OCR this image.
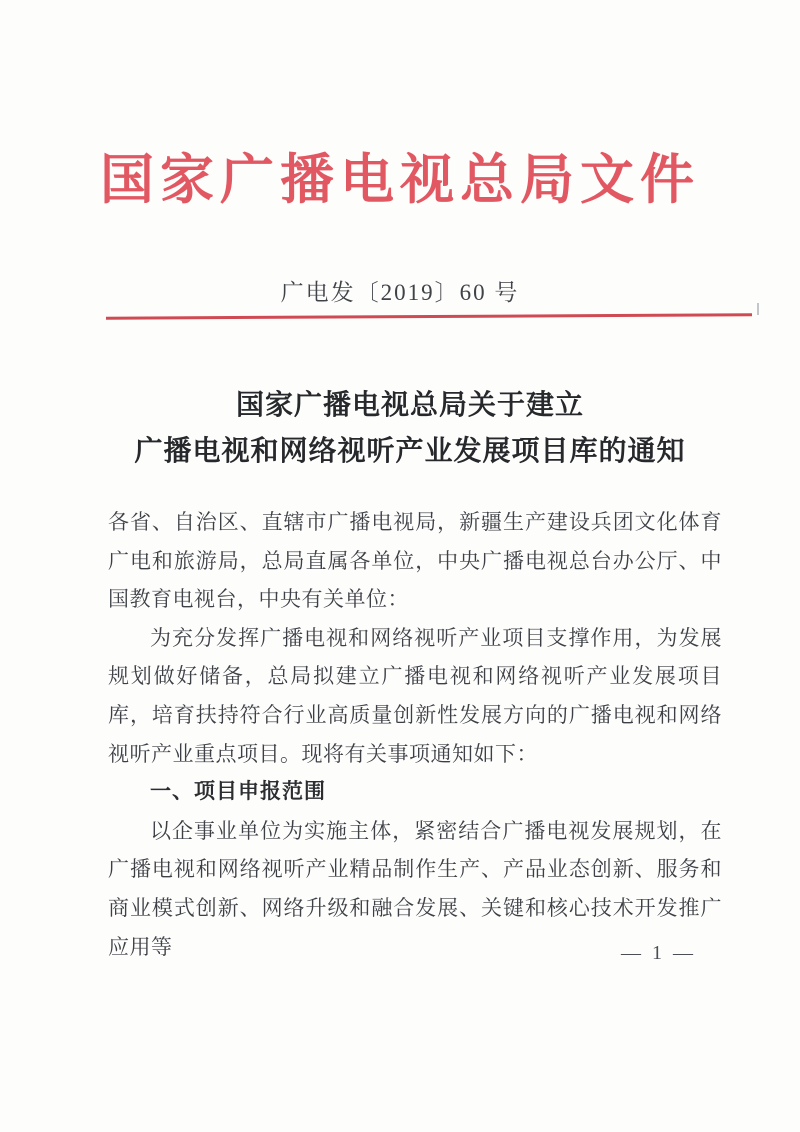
国家广播电视总局文件
广电发〔2019〕60 号
国家广播电视总局关于建立
广播电视和网络视听产业发展项目库的通知

各省、自治区、直辖市广播电视局，新疆生产建设兵团文化体育广电和旅游局，总局直属各单位，中央广播电视总台办公厅、中国教育电视台，中央有关单位：

为充分发挥广播电视和网络视听产业项目支撑作用，为发展规划做好储备，总局拟建立广播电视和网络视听产业发展项目库，培育扶持符合行业高质量创新性发展方向的广播电视和网络视听产业重点项目。现将有关事项通知如下：

一、项目申报范围

以企事业单位为实施主体，紧密结合广播电视发展规划，在广播电视和网络视听产业精品制作生产、产品业态创新、服务和商业模式创新、网络升级和融合发展、关键和核心技术开发推广应用等	— 1 —
